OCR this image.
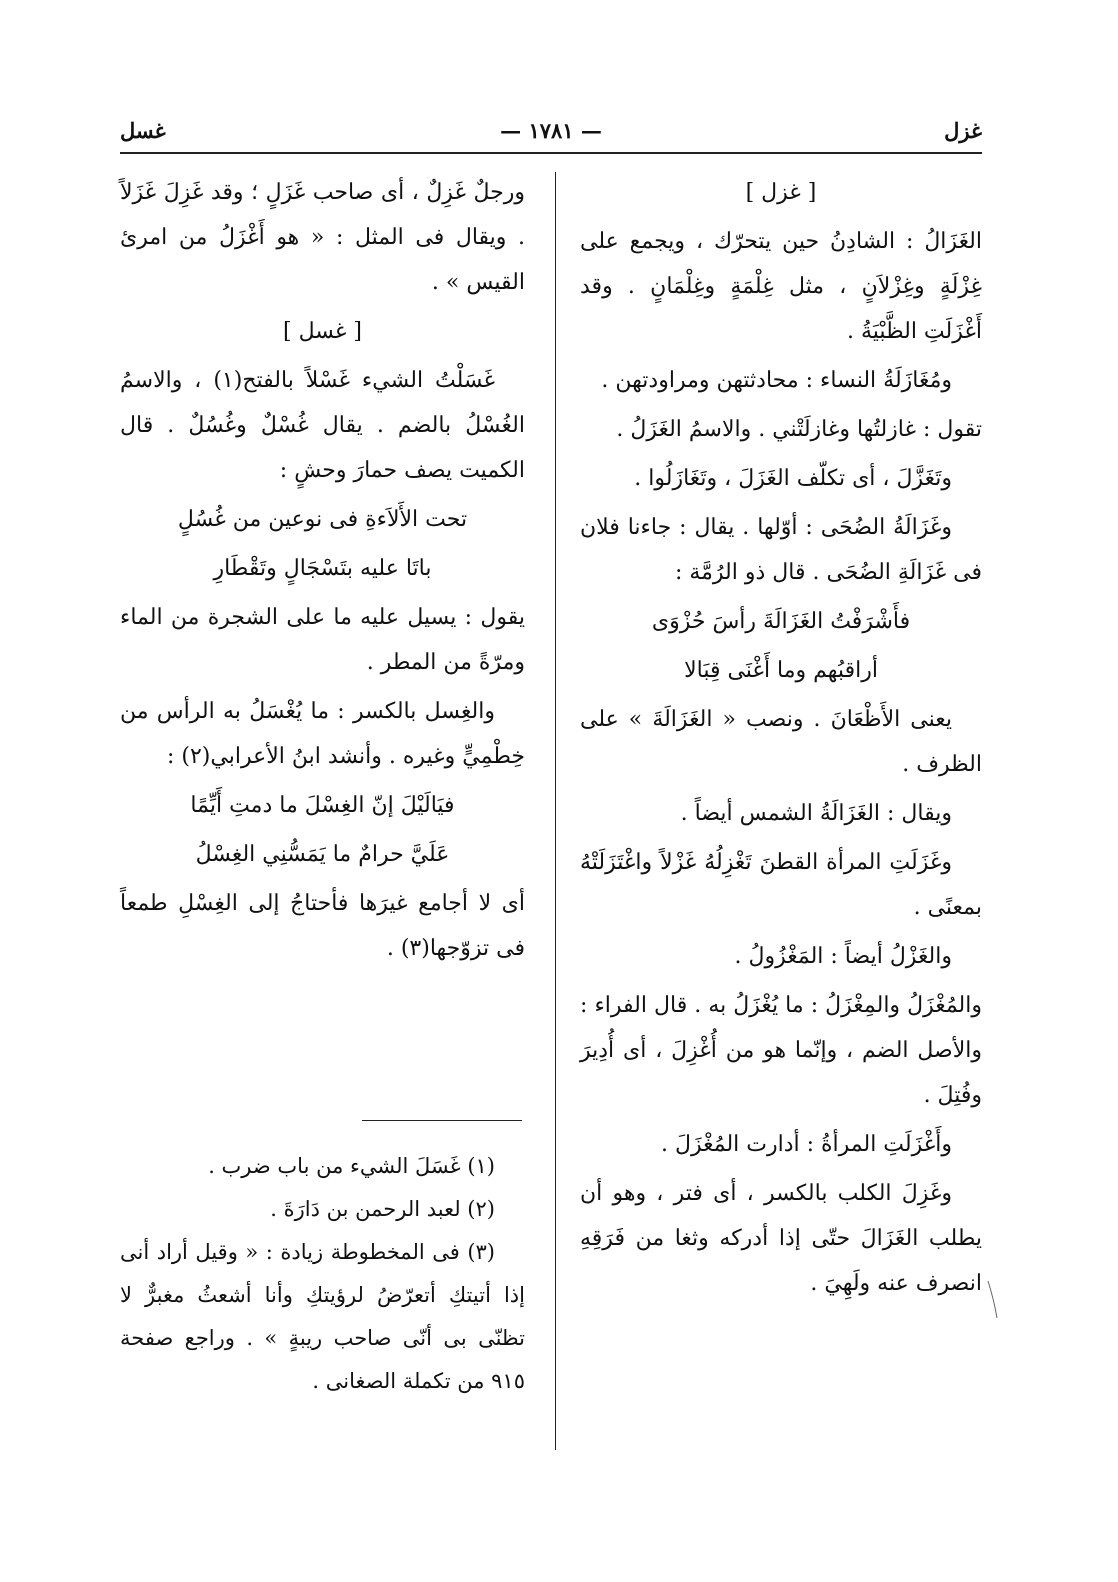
غزل
— ١٧٨١ —
غسل

[ غزل ]

الغَزَالُ : الشادِنُ حين يتحرّك ، ويجمع على غِزْلَةٍ وغِزْلاَنٍ ، مثل غِلْمَةٍ وغِلْمَانٍ . وقد أَغْزَلَتِ الظَّبْيَةُ .

ومُغَازَلَةُ النساء : محادثتهن ومراودتهن .

تقول : غازلتُها وغازلَتْني . والاسمُ الغَزَلُ .

وتَغَزَّلَ ، أى تكلّف الغَزَلَ ، وتَغَازَلُوا .

وغَزَالَةُ الضُحَى : أوّلها . يقال : جاءنا فلان فى غَزَالَةِ الضُحَى . قال ذو الرُمَّة :

فأَشْرَفْتُ الغَزَالَةَ رأسَ حُزْوَى

أراقبُهم وما أَغْنَى قِبَالا

يعنى الأَظْعَانَ . ونصب « الغَزَالَةَ » على الظرف .

ويقال : الغَزَالَةُ الشمس أيضاً .

وغَزَلَتِ المرأة القطنَ تَغْزِلُهُ غَزْلاً واغْتَزَلَتْهُ بمعنًى .

والغَزْلُ أيضاً : المَغْزُولُ .

والمُغْزَلُ والمِغْزَلُ : ما يُغْزَلُ به . قال الفراء : والأصل الضم ، وإنّما هو من أُغْزِلَ ، أى أُدِيرَ وفُتِلَ .

وأَغْزَلَتِ المرأةُ : أدارت المُغْزَلَ .

وغَزِلَ الكلب بالكسر ، أى فتر ، وهو أن يطلب الغَزَالَ حتّى إذا أدركه وثغا من فَرَقِهِ انصرف عنه ولَهِيَ .

ورجلٌ غَزِلٌ ، أى صاحب غَزَلٍ ؛ وقد غَزِلَ غَزَلاً . ويقال فى المثل : « هو أَغْزَلُ من امرئ القيس » .

[ غسل ]

غَسَلْتُ الشيء غَسْلاً بالفتح(١) ، والاسمُ الغُسْلُ بالضم . يقال غُسْلٌ وغُسُلٌ . قال الكميت يصف حمارَ وحشٍ :

تحت الأَلاَءةِ فى نوعين من غُسُلٍ

باتَا عليه بتَسْجَالٍ وتَقْطَارِ

يقول : يسيل عليه ما على الشجرة من الماء ومرّةً من المطر .

والغِسل بالكسر : ما يُغْسَلُ به الرأس من خِطْمِيٍّ وغيره . وأنشد ابنُ الأعرابي(٢) :

فيَالَيْلَ إنّ الغِسْلَ ما دمتِ أَيِّمًا

عَلَيَّ حرامٌ ما يَمَسُّنِي الغِسْلُ

أى لا أجامع غيرَها فأحتاجُ إلى الغِسْلِ طمعاً فى تزوّجها(٣) .

(١) غَسَلَ الشيء من باب ضرب .

(٢) لعبد الرحمن بن دَارَةَ .

(٣) فى المخطوطة زيادة : « وقيل أراد أنى إذا أتيتكِ أتعرّضُ لرؤيتكِ وأنا أشعثُ مغبرٌّ لا تظنّى بى أنّى صاحب ريبةٍ » . وراجع صفحة ٩١٥ من تكملة الصغانى .
